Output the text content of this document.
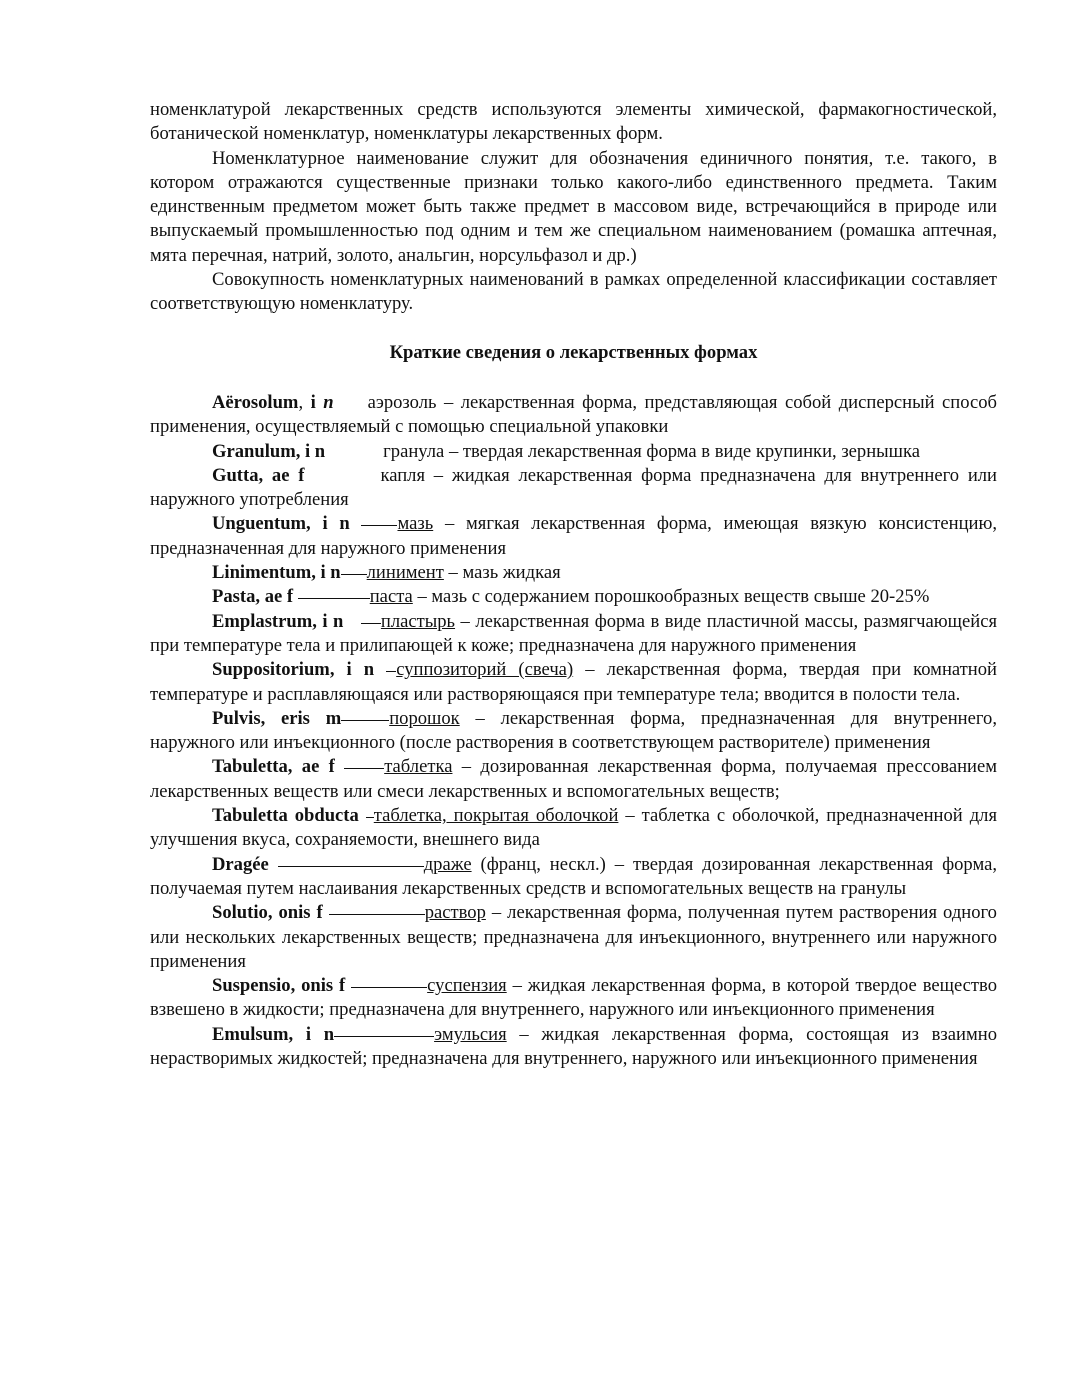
номенклатурой лекарственных средств используются элементы химической, фармакогностической, ботанической номенклатур, номенклатуры лекарственных форм.

Номенклатурное наименование служит для обозначения единичного понятия, т.е. такого, в котором отражаются существенные признаки только какого-либо единственного предмета. Таким единственным предметом может быть также предмет в массовом виде, встречающийся в природе или выпускаемый промышленностью под одним и тем же специальном наименованием (ромашка аптечная, мята перечная, натрий, золото, анальгин, норсульфазол и др.)

Совокупность номенклатурных наименований в рамках определенной классификации составляет соответствующую номенклатуру.

Краткие сведения о лекарственных формах

Aërosolum, i n аэрозоль – лекарственная форма, представляющая собой дисперсный способ применения, осуществляемый с помощью специальной упаковки

Granulum, i n	гранула – твердая лекарственная форма в виде крупинки, зернышка

Gutta, ae f	капля – жидкая лекарственная форма предназначена для внутреннего или наружного употребления

Unguentum, i n	мазь – мягкая лекарственная форма, имеющая вязкую консистенцию, предназначенная для наружного применения

Linimentum, i n линимент – мазь жидкая

Pasta, ae f	паста – мазь с содержанием порошкообразных веществ свыше 20-25%

Emplastrum, i n пластырь – лекарственная форма в виде пластичной массы, размягчающейся при температуре тела и прилипающей к коже; предназначена для наружного применения

Suppositorium, i n суппозиторий (свеча) – лекарственная форма, твердая при комнатной температуре и расплавляющаяся или растворяющаяся при температуре тела; вводится в полости тела.

Pulvis, eris m	порошок – лекарственная форма, предназначенная для внутреннего, наружного или инъекционного (после растворения в соответствующем растворителе) применения

Tabuletta, ae f	таблетка – дозированная лекарственная форма, получаемая прессованием лекарственных веществ или смеси лекарственных и вспомогательных веществ;

Tabuletta obducta таблетка, покрытая оболочкой – таблетка с оболочкой, предназначенной для улучшения вкуса, сохраняемости, внешнего вида

Dragée	драже (франц, нескл.) – твердая дозированная лекарственная форма, получаемая путем наслаивания лекарственных средств и вспомогательных веществ на гранулы

Solutio, onis f	раствор – лекарственная форма, полученная путем растворения одного или нескольких лекарственных веществ; предназначена для инъекционного, внутреннего или наружного применения

Suspensio, onis f	суспензия – жидкая лекарственная форма, в которой твердое вещество взвешено в жидкости; предназначена для внутреннего, наружного или инъекционного применения

Emulsum, i n	эмульсия – жидкая лекарственная форма, состоящая из взаимно нерастворимых жидкостей; предназначена для внутреннего, наружного или инъекционного применения
